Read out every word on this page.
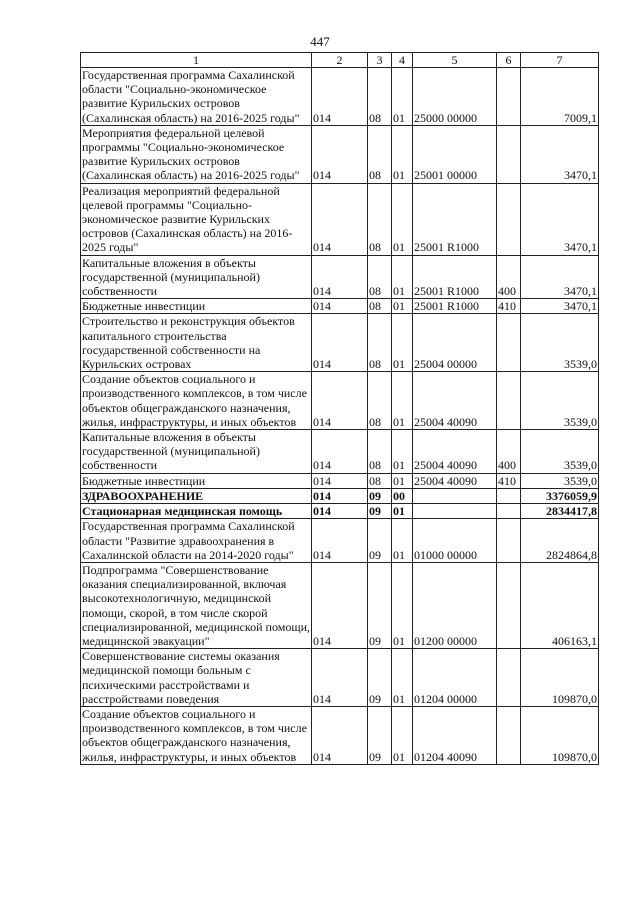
447
1	2	3	4	5	6	7
Государственная программа Сахалинской области "Социально-экономическое развитие Курильских островов (Сахалинская область) на 2016-2025 годы"	014	08	01	25000 00000		7009,1
Мероприятия федеральной целевой программы "Социально-экономическое развитие Курильских островов (Сахалинская область) на 2016-2025 годы"	014	08	01	25001 00000		3470,1
Реализация мероприятий федеральной целевой программы "Социально-экономическое развитие Курильских островов (Сахалинская область) на 2016-2025 годы"	014	08	01	25001 R1000		3470,1
Капитальные вложения в объекты государственной (муниципальной) собственности	014	08	01	25001 R1000	400	3470,1
Бюджетные инвестиции	014	08	01	25001 R1000	410	3470,1
Строительство и реконструкция объектов капитального строительства государственной собственности на Курильских островах	014	08	01	25004 00000		3539,0
Создание объектов социального и производственного комплексов, в том числе объектов общегражданского назначения, жилья, инфраструктуры, и иных объектов	014	08	01	25004 40090		3539,0
Капитальные вложения в объекты государственной (муниципальной) собственности	014	08	01	25004 40090	400	3539,0
Бюджетные инвестиции	014	08	01	25004 40090	410	3539,0
ЗДРАВООХРАНЕНИЕ	014	09	00			3376059,9
Стационарная медицинская помощь	014	09	01			2834417,8
Государственная программа Сахалинской области "Развитие здравоохранения в Сахалинской области на 2014-2020 годы"	014	09	01	01000 00000		2824864,8
Подпрограмма "Совершенствование оказания специализированной, включая высокотехнологичную, медицинской помощи, скорой, в том числе скорой специализированной, медицинской помощи, медицинской эвакуации"	014	09	01	01200 00000		406163,1
Совершенствование системы оказания медицинской помощи больным с психическими расстройствами и расстройствами поведения	014	09	01	01204 00000		109870,0
Создание объектов социального и производственного комплексов, в том числе объектов общегражданского назначения, жилья, инфраструктуры, и иных объектов	014	09	01	01204 40090		109870,0
